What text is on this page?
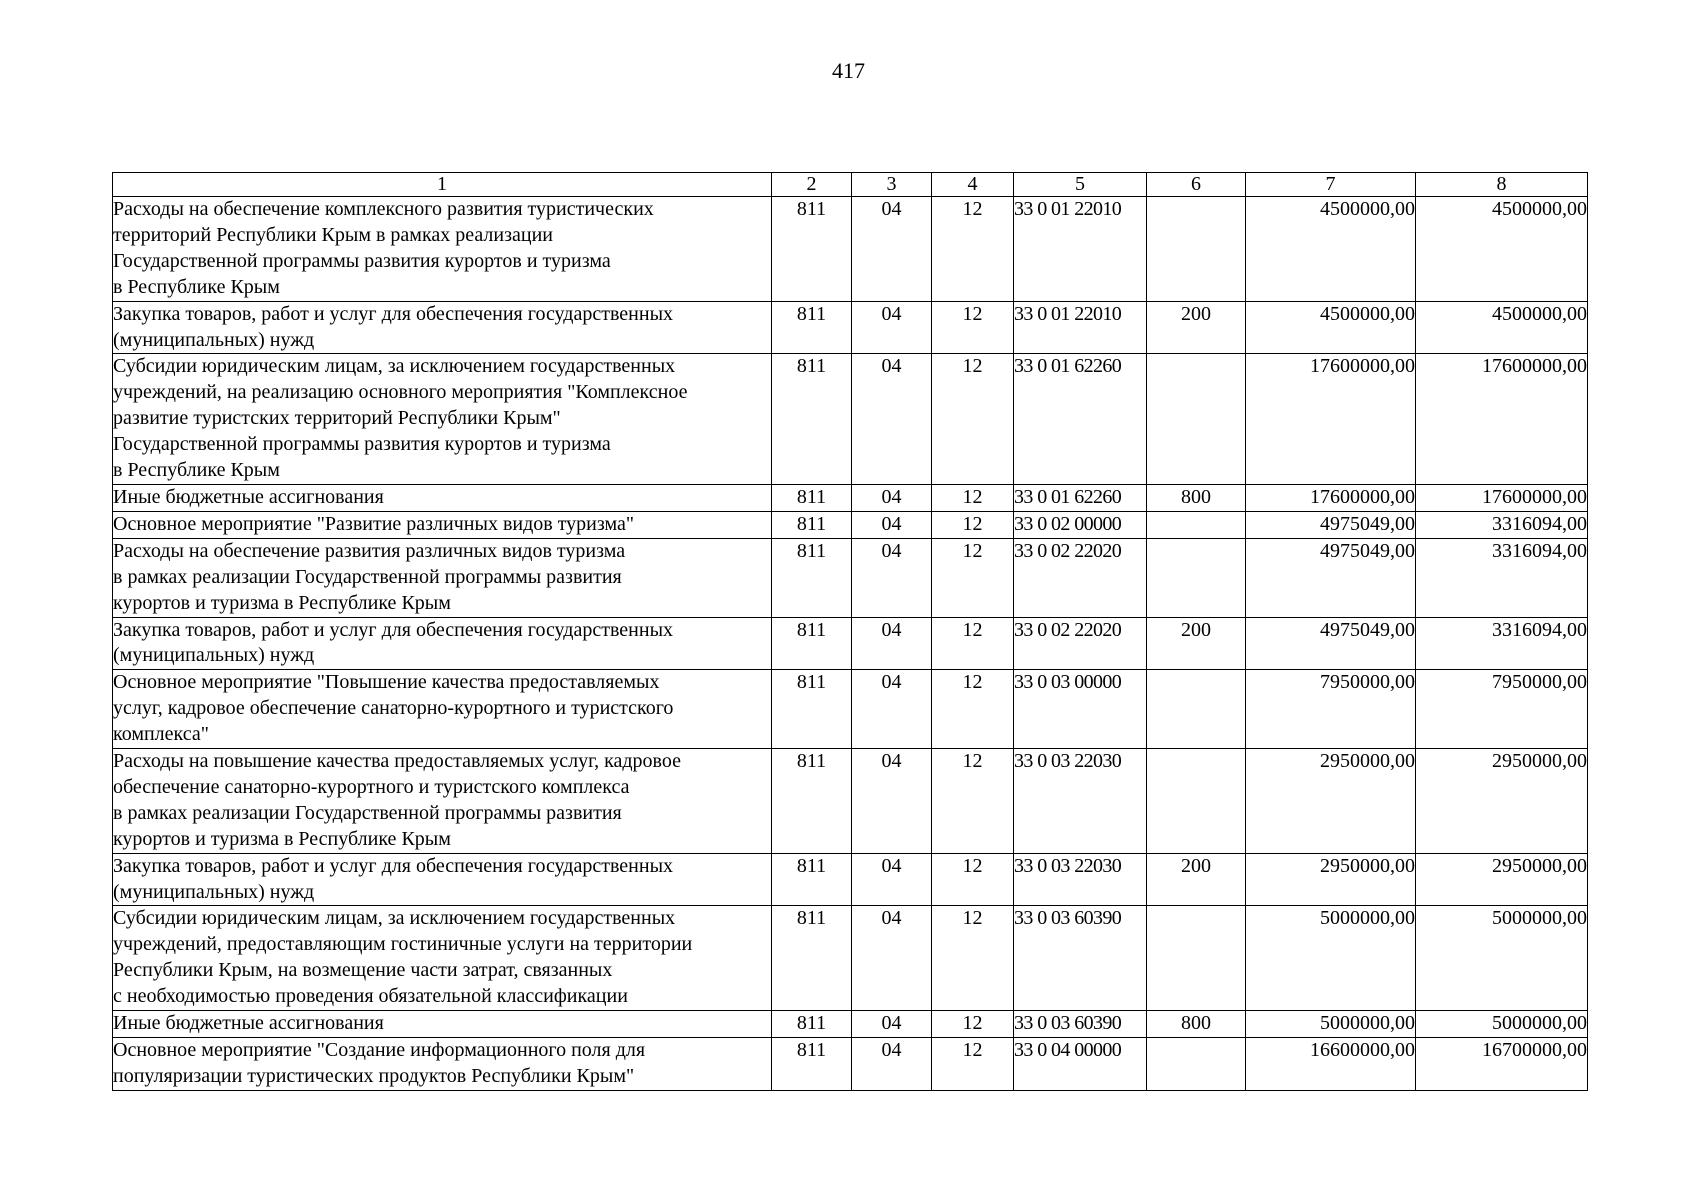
417
1	2	3	4	5	6	7	8
Расходы на обеспечение комплексного развития туристических
территорий Республики Крым в рамках реализации
Государственной программы развития курортов и туризма
в Республике Крым	811	04	12	33 0 01 22010		4500000,00	4500000,00
Закупка товаров, работ и услуг для обеспечения государственных
(муниципальных) нужд	811	04	12	33 0 01 22010	200	4500000,00	4500000,00
Субсидии юридическим лицам, за исключением государственных
учреждений, на реализацию основного мероприятия "Комплексное
развитие туристских территорий Республики Крым"
Государственной программы развития курортов и туризма
в Республике Крым	811	04	12	33 0 01 62260		17600000,00	17600000,00
Иные бюджетные ассигнования	811	04	12	33 0 01 62260	800	17600000,00	17600000,00
Основное мероприятие "Развитие различных видов туризма"	811	04	12	33 0 02 00000		4975049,00	3316094,00
Расходы на обеспечение развития различных видов туризма
в рамках реализации Государственной программы развития
курортов и туризма в Республике Крым	811	04	12	33 0 02 22020		4975049,00	3316094,00
Закупка товаров, работ и услуг для обеспечения государственных
(муниципальных) нужд	811	04	12	33 0 02 22020	200	4975049,00	3316094,00
Основное мероприятие "Повышение качества предоставляемых
услуг, кадровое обеспечение санаторно-курортного и туристского
комплекса"	811	04	12	33 0 03 00000		7950000,00	7950000,00
Расходы на повышение качества предоставляемых услуг, кадровое
обеспечение санаторно-курортного и туристского комплекса
в рамках реализации Государственной программы развития
курортов и туризма в Республике Крым	811	04	12	33 0 03 22030		2950000,00	2950000,00
Закупка товаров, работ и услуг для обеспечения государственных
(муниципальных) нужд	811	04	12	33 0 03 22030	200	2950000,00	2950000,00
Субсидии юридическим лицам, за исключением государственных
учреждений, предоставляющим гостиничные услуги на территории
Республики Крым, на возмещение части затрат, связанных
с необходимостью проведения обязательной классификации	811	04	12	33 0 03 60390		5000000,00	5000000,00
Иные бюджетные ассигнования	811	04	12	33 0 03 60390	800	5000000,00	5000000,00
Основное мероприятие "Создание информационного поля для
популяризации туристических продуктов Республики Крым"	811	04	12	33 0 04 00000		16600000,00	16700000,00
